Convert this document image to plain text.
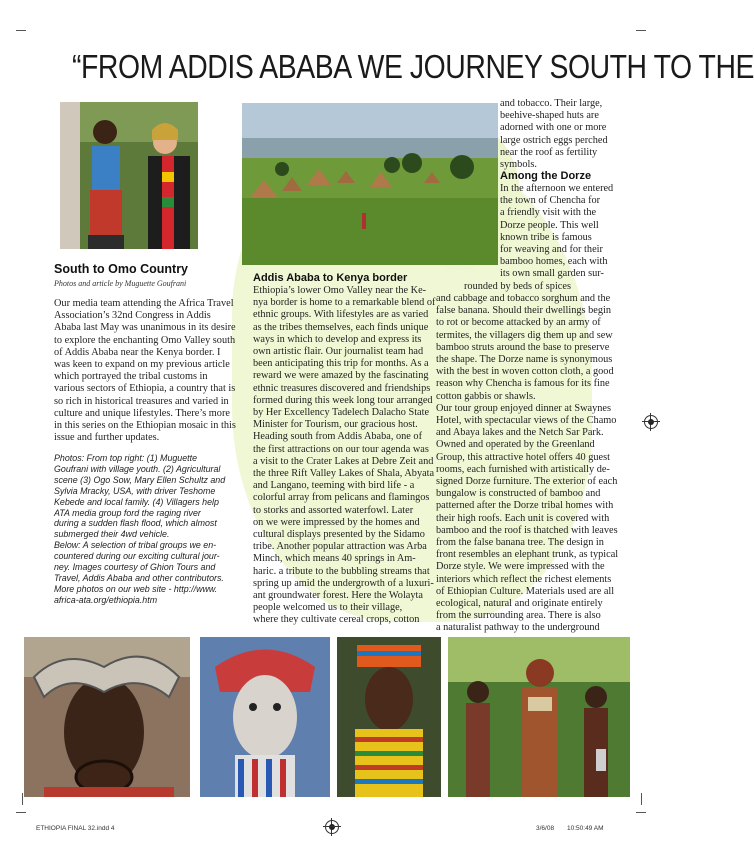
“FROM ADDIS ABABA WE JOURNEY SOUTH TO THE
South to Omo Country
Photos and article by Muguette Goufrani
Our media team attending the Africa Travel
Association’s 32nd Congress in Addis
Ababa last May was unanimous in its desire
to explore the enchanting Omo Valley south
of Addis Ababa near the Kenya border. I
was keen to expand on my previous article
which portrayed the tribal customs in
various sectors of Ethiopia, a country that is
so rich in historical treasures and varied in
culture and unique lifestyles. There’s more
in this series on the Ethiopian mosaic in this
issue and further updates.
Photos: From top right: (1) Muguette
Goufrani with village youth. (2) Agricultural
scene (3) Ogo Sow, Mary Ellen Schultz and
Sylvia Mracky, USA, with driver Teshome
Kebede and local family. (4) Villagers help
ATA media group ford the raging river
during a sudden flash flood, which almost
submerged their 4wd vehicle.
Below: A selection of tribal groups we en-
countered during our exciting cultural jour-
ney. Images courtesy of Ghion Tours and
Travel, Addis Ababa and other contributors.
More photos on our web site - http://www.
africa-ata.org/ethiopia.htm
Addis Ababa to Kenya border
Ethiopia’s lower Omo Valley near the Ke-
nya border is home to a remarkable blend of
ethnic groups. With lifestyles are as varied
as the tribes themselves, each finds unique
ways in which to develop and express its
own artistic flair. Our journalist team had
been anticipating this trip for months. As a
reward we were amazed by the fascinating
ethnic treasures discovered and friendships
formed during this week long tour arranged
by Her Excellency Tadelech Dalacho State
Minister for Tourism, our gracious host.
Heading south from Addis Ababa, one of
the first attractions on our tour agenda was
a visit to the Crater Lakes at Debre Zeit and
the three Rift Valley Lakes of Shala, Abyata
and Langano, teeming with bird life - a
colorful array from pelicans and flamingos
to storks and assorted waterfowl. Later
on we were impressed by the homes and
cultural displays presented by the Sidamo
tribe. Another popular attraction was Arba
Minch, which means 40 springs in Am-
haric. a tribute to the bubbling streams that
spring up amid the undergrowth of a luxuri-
ant groundwater forest. Here the Wolayta
people welcomed us to their village,
where they cultivate cereal crops, cotton
and tobacco. Their large,
beehive-shaped huts are
adorned with one or more
large ostrich eggs perched
near the roof as fertility
symbols.
Among the Dorze
In the afternoon we entered
the town of Chencha for
a friendly visit with the
Dorze people. This well
known tribe is famous
for weaving and for their
bamboo homes, each with
its own small garden sur-
rounded by beds of spices
and cabbage and tobacco sorghum and the
false banana. Should their dwellings begin
to rot or become attacked by an army of
termites, the villagers dig them up and sew
bamboo struts around the base to preserve
the shape. The Dorze name is synonymous
with the best in woven cotton cloth, a good
reason why Chencha is famous for its fine
cotton gabbis or shawls.
Our tour group enjoyed dinner at Swaynes
Hotel, with spectacular views of the Chamo
and Abaya lakes and the Netch Sar Park.
Owned and operated by the Greenland
Group, this attractive hotel offers 40 guest
rooms, each furnished with artistically de-
signed Dorze furniture. The exterior of each
bungalow is constructed of bamboo and
patterned after the Dorze tribal homes with
their high roofs. Each unit is covered with
bamboo and the roof is thatched with leaves
from the false banana tree. The design in
front resembles an elephant trunk, as typical
Dorze style. We were impressed with the
interiors which reflect the richest elements
of Ethiopian Culture. Materials used are all
ecological, natural and originate entirely
from the surrounding area. There is also
a naturalist pathway to the underground
ETHIOPIA FINAL 32.indd 4	3/6/08 10:50:49 AM
